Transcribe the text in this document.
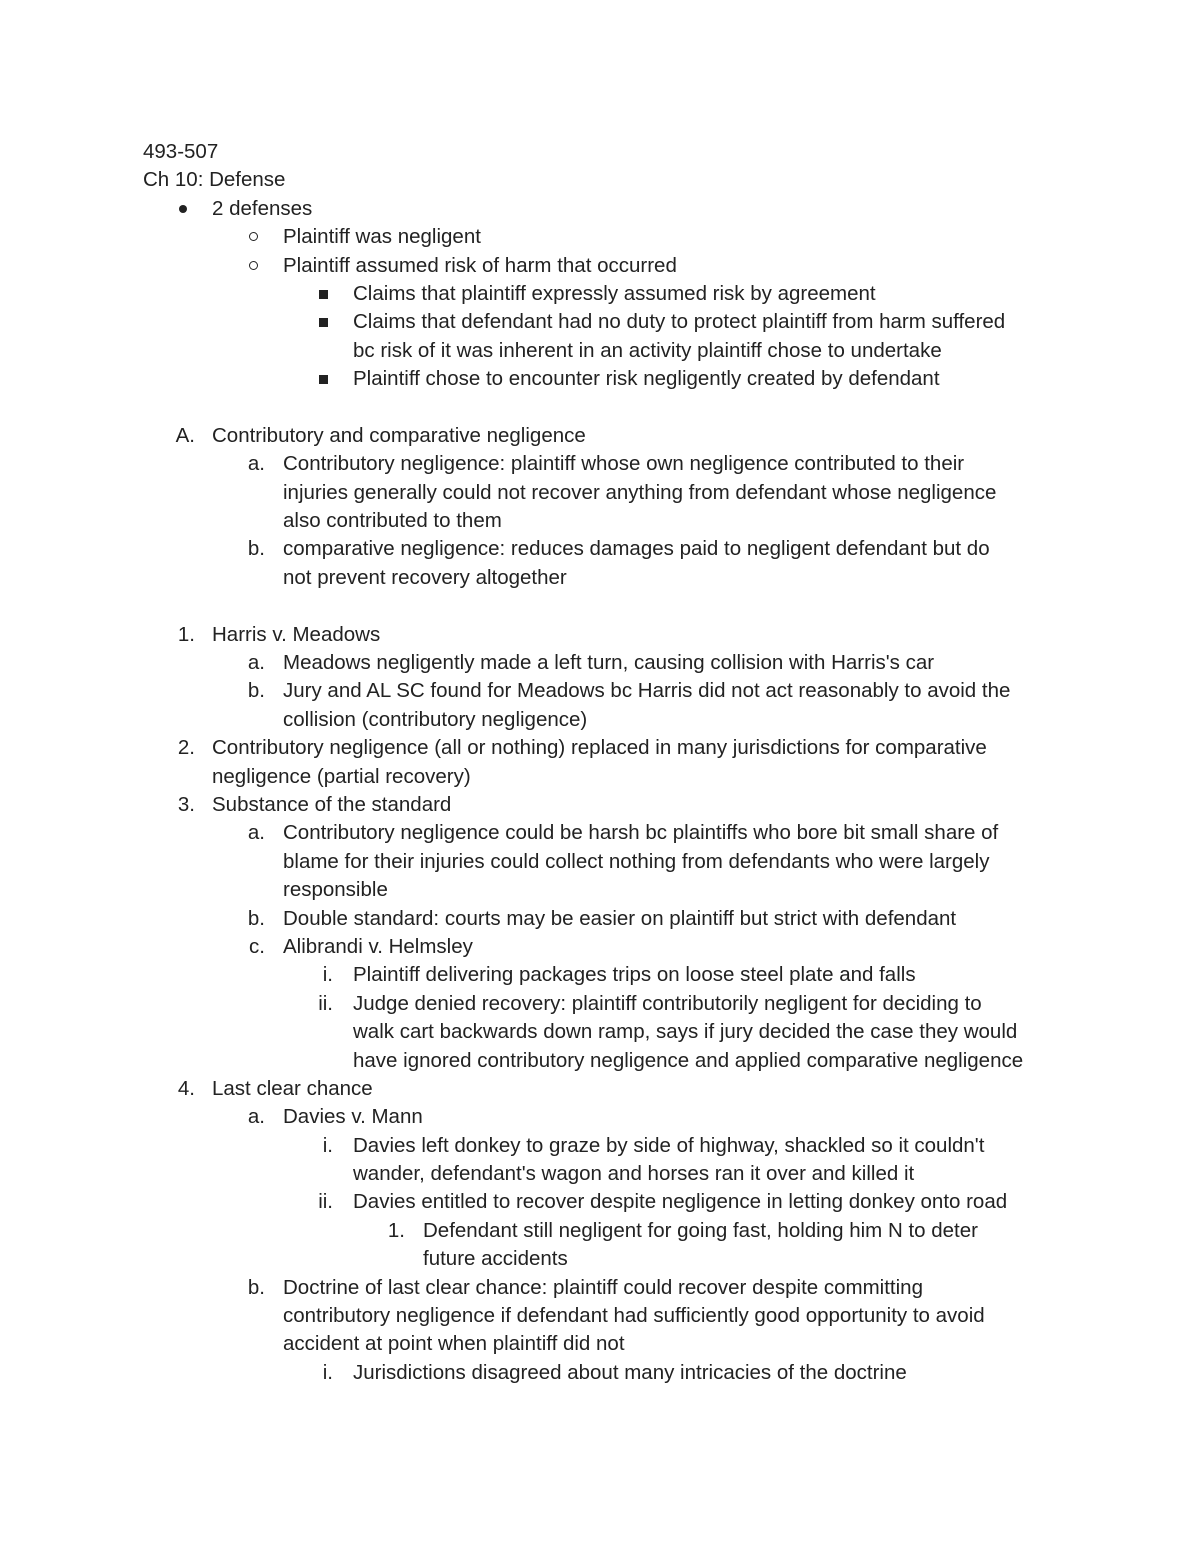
493-507
Ch 10: Defense
2 defenses
Plaintiff was negligent
Plaintiff assumed risk of harm that occurred
Claims that plaintiff expressly assumed risk by agreement
Claims that defendant had no duty to protect plaintiff from harm suffered
bc risk of it was inherent in an activity plaintiff chose to undertake
Plaintiff chose to encounter risk negligently created by defendant
A. Contributory and comparative negligence
a. Contributory negligence: plaintiff whose own negligence contributed to their
injuries generally could not recover anything from defendant whose negligence
also contributed to them
b. comparative negligence: reduces damages paid to negligent defendant but do
not prevent recovery altogether
1. Harris v. Meadows
a. Meadows negligently made a left turn, causing collision with Harris's car
b. Jury and AL SC found for Meadows bc Harris did not act reasonably to avoid the
collision (contributory negligence)
2. Contributory negligence (all or nothing) replaced in many jurisdictions for comparative
negligence (partial recovery)
3. Substance of the standard
a. Contributory negligence could be harsh bc plaintiffs who bore bit small share of
blame for their injuries could collect nothing from defendants who were largely
responsible
b. Double standard: courts may be easier on plaintiff but strict with defendant
c. Alibrandi v. Helmsley
i. Plaintiff delivering packages trips on loose steel plate and falls
ii. Judge denied recovery: plaintiff contributorily negligent for deciding to
walk cart backwards down ramp, says if jury decided the case they would
have ignored contributory negligence and applied comparative negligence
4. Last clear chance
a. Davies v. Mann
i. Davies left donkey to graze by side of highway, shackled so it couldn't
wander, defendant's wagon and horses ran it over and killed it
ii. Davies entitled to recover despite negligence in letting donkey onto road
1. Defendant still negligent for going fast, holding him N to deter
future accidents
b. Doctrine of last clear chance: plaintiff could recover despite committing
contributory negligence if defendant had sufficiently good opportunity to avoid
accident at point when plaintiff did not
i. Jurisdictions disagreed about many intricacies of the doctrine
